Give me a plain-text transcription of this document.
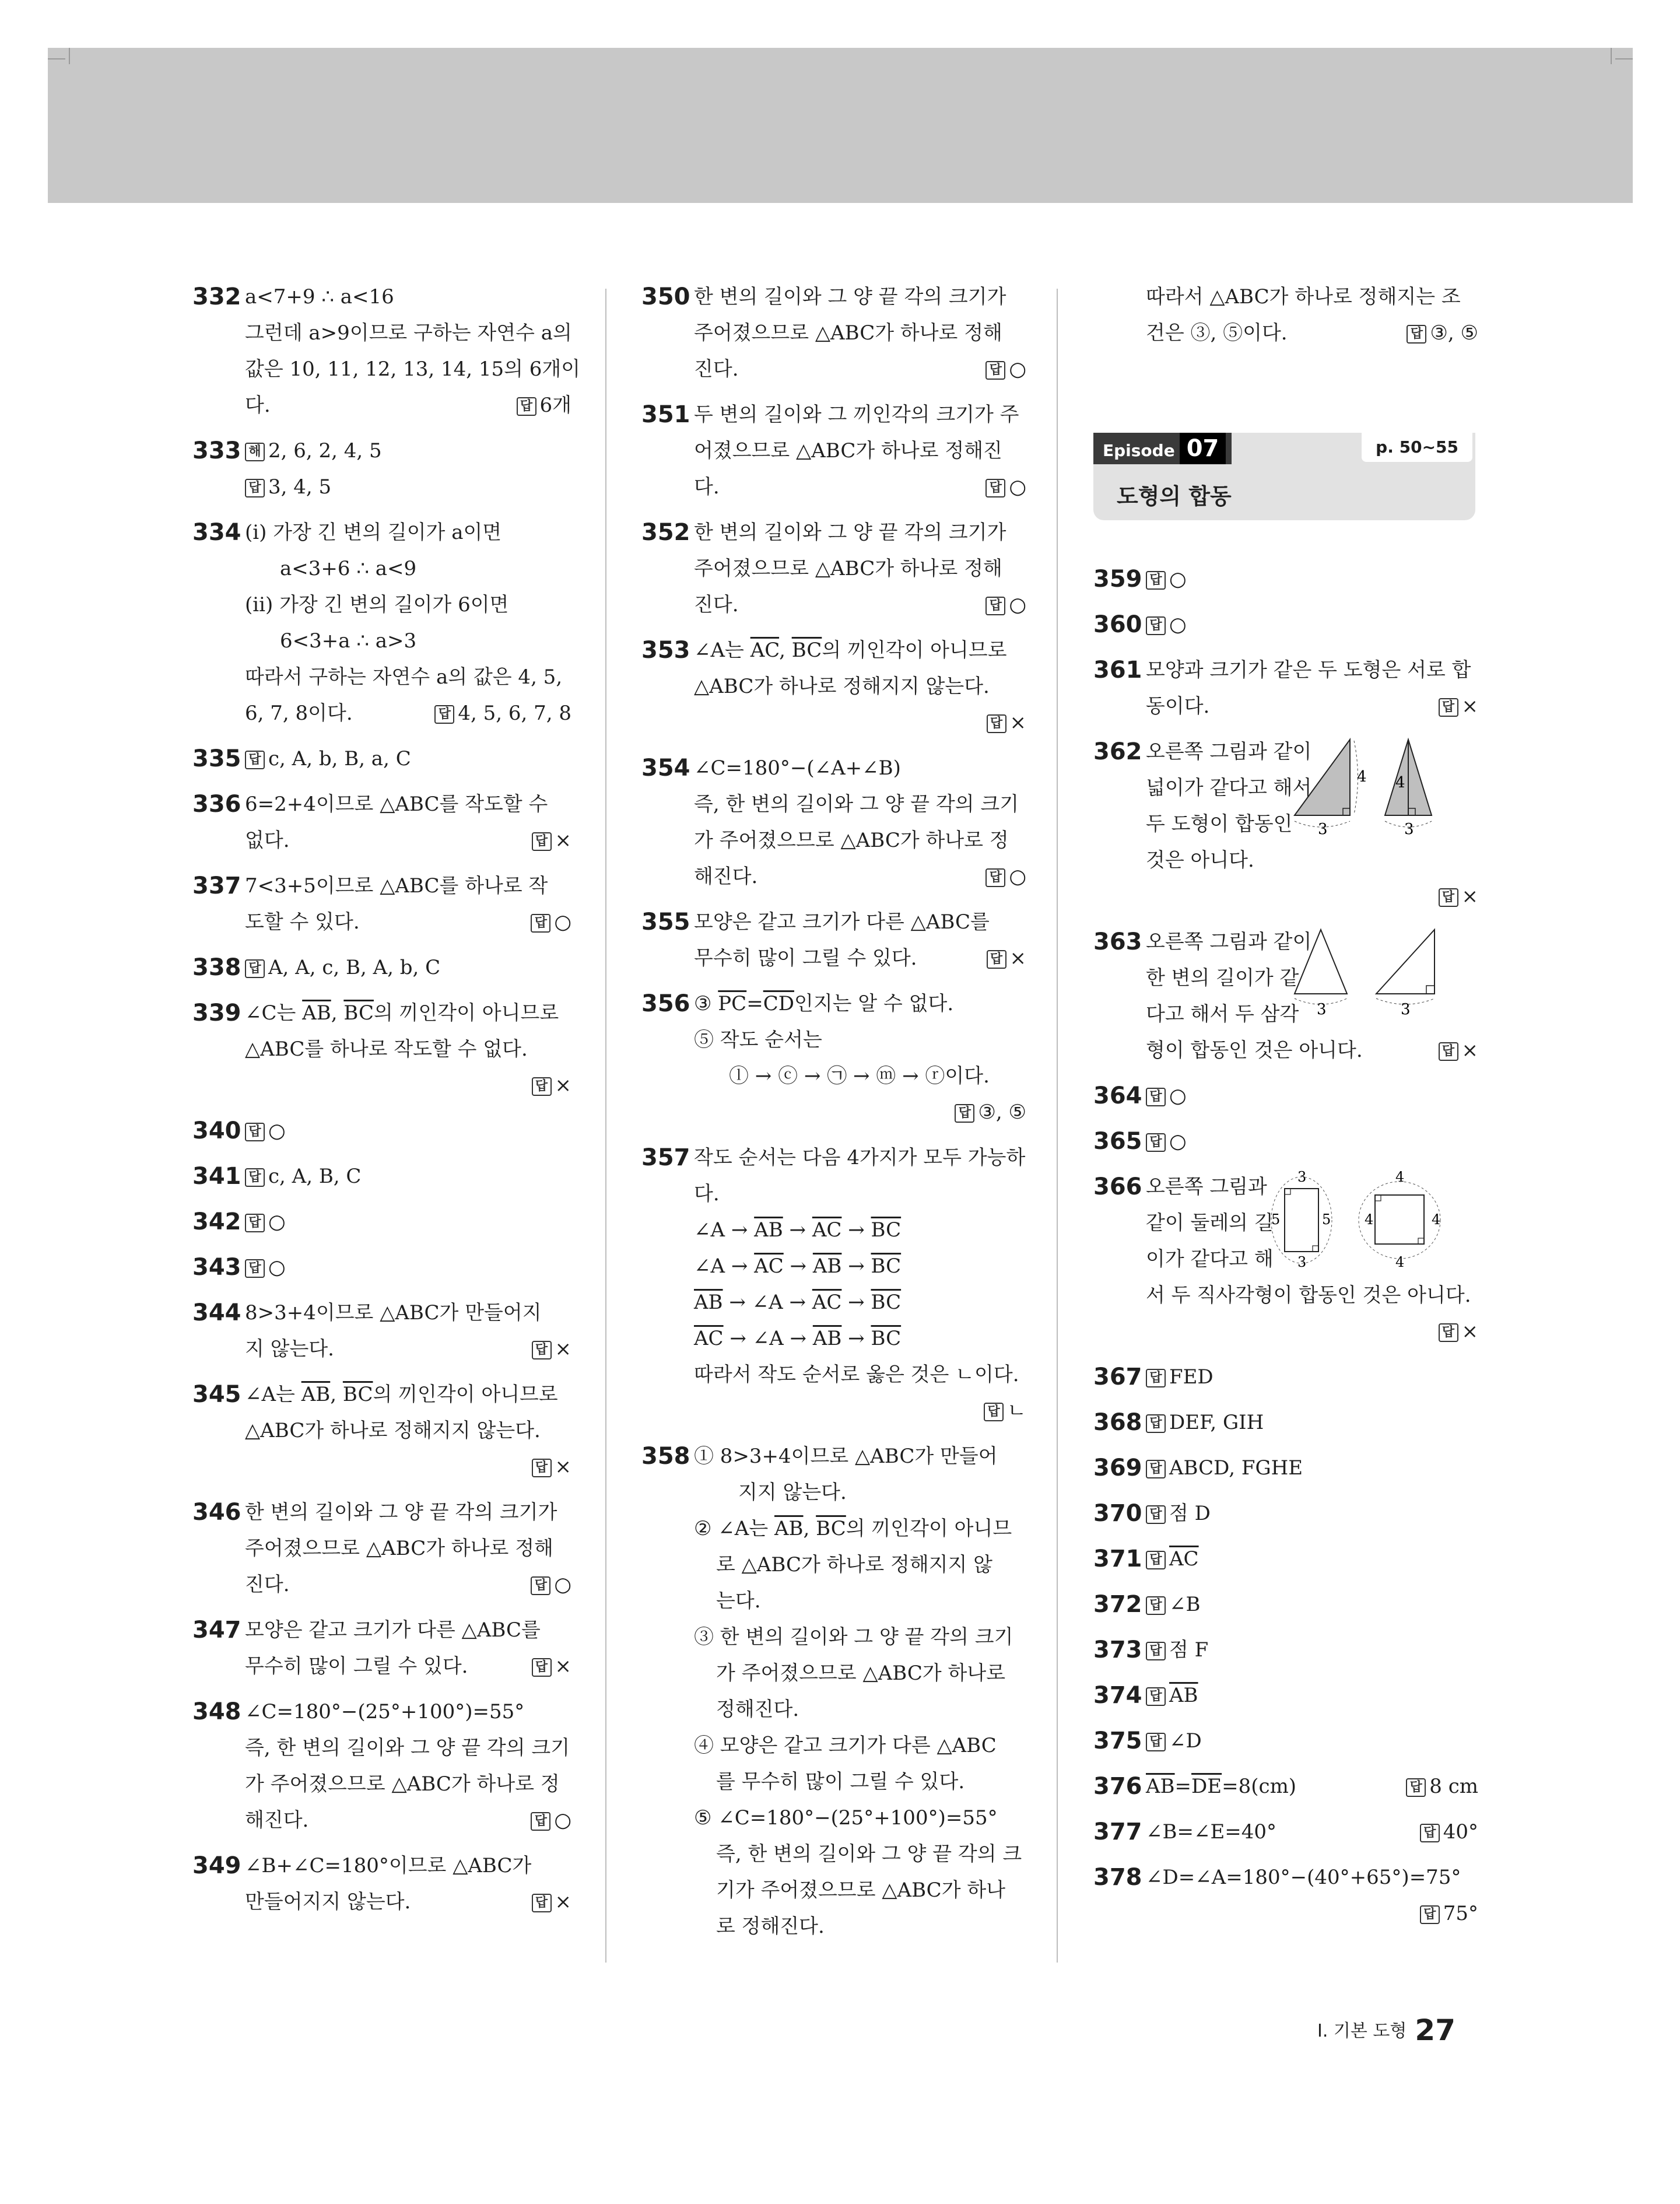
332 a<7+9 ∴ a<16
그런데 a>9이므로 구하는 자연수 a의
값은 10, 11, 12, 13, 14, 15의 6개이
다.	답 6개
333 해 2, 6, 2, 4, 5
답 3, 4, 5
334 (ⅰ) 가장 긴 변의 길이가 a이면
a<3+6 ∴ a<9
(ⅱ) 가장 긴 변의 길이가 6이면
6<3+a ∴ a>3
따라서 구하는 자연수 a의 값은 4, 5,
6, 7, 8이다.	답 4, 5, 6, 7, 8
335 답 c, A, b, B, a, C
336 6=2+4이므로 △ABC를 작도할 수
없다.	답 ×
337 7<3+5이므로 △ABC를 하나로 작
도할 수 있다.	답 ○
338 답 A, A, c, B, A, b, C
339 ∠C는 $\overline{AB}$, $\overline{BC}$의 끼인각이 아니므로
△ABC를 하나로 작도할 수 없다.
답 ×
340 답 ○
341 답 c, A, B, C
342 답 ○
343 답 ○
344 8>3+4이므로 △ABC가 만들어지
지 않는다.	답 ×
345 ∠A는 $\overline{AB}$, $\overline{BC}$의 끼인각이 아니므로
△ABC가 하나로 정해지지 않는다.
답 ×
346 한 변의 길이와 그 양 끝 각의 크기가
주어졌으므로 △ABC가 하나로 정해
진다.	답 ○
347 모양은 같고 크기가 다른 △ABC를
무수히 많이 그릴 수 있다.	답 ×
348 ∠C=180°−(25°+100°)=55°
즉, 한 변의 길이와 그 양 끝 각의 크기
가 주어졌으므로 △ABC가 하나로 정
해진다.	답 ○
349 ∠B+∠C=180°이므로 △ABC가
만들어지지 않는다.	답 ×
350 한 변의 길이와 그 양 끝 각의 크기가
주어졌으므로 △ABC가 하나로 정해
진다.	답 ○
351 두 변의 길이와 그 끼인각의 크기가 주
어졌으므로 △ABC가 하나로 정해진
다.	답 ○
352 한 변의 길이와 그 양 끝 각의 크기가
주어졌으므로 △ABC가 하나로 정해
진다.	답 ○
353 ∠A는 $\overline{AC}$, $\overline{BC}$의 끼인각이 아니므로
△ABC가 하나로 정해지지 않는다.
답 ×
354 ∠C=180°−(∠A+∠B)
즉, 한 변의 길이와 그 양 끝 각의 크기
가 주어졌으므로 △ABC가 하나로 정
해진다.	답 ○
355 모양은 같고 크기가 다른 △ABC를
무수히 많이 그릴 수 있다.	답 ×
356 ③ $\overline{PC}=\overline{CD}$인지는 알 수 없다.
⑤ 작도 순서는
ⓛ → ⓒ → ㉠ → ⓜ → ⓡ이다.
답 ③, ⑤
357 작도 순서는 다음 4가지가 모두 가능하
다.
∠A → $\overline{AB} \to \overline{AC} \to \overline{BC}$
∠A → $\overline{AC} \to \overline{AB} \to \overline{BC}$
$\overline{AB}$ → ∠A → $\overline{AC} \to \overline{BC}$
$\overline{AC}$ → ∠A → $\overline{AB} \to \overline{BC}$
따라서 작도 순서로 옳은 것은 ㄴ이다.
답 ㄴ
358 ① 8>3+4이므로 △ABC가 만들어
지지 않는다.
② ∠A는 $\overline{AB}$, $\overline{BC}$의 끼인각이 아니므
로 △ABC가 하나로 정해지지 않
는다.
③ 한 변의 길이와 그 양 끝 각의 크기
가 주어졌으므로 △ABC가 하나로
정해진다.
④ 모양은 같고 크기가 다른 △ABC
를 무수히 많이 그릴 수 있다.
⑤ ∠C=180°−(25°+100°)=55°
즉, 한 변의 길이와 그 양 끝 각의 크
기가 주어졌으므로 △ABC가 하나
로 정해진다.
따라서 △ABC가 하나로 정해지는 조
건은 ③, ⑤이다.	답 ③, ⑤
Episode 07	p. 50~55
도형의 합동
359 답 ○
360 답 ○
361 모양과 크기가 같은 두 도형은 서로 합
동이다.	답 ×
362 오른쪽 그림과 같이
넓이가 같다고 해서
두 도형이 합동인
것은 아니다.
4
3
4
3
답 ×
363 오른쪽 그림과 같이
한 변의 길이가 같
다고 해서 두 삼각
형이 합동인 것은 아니다.	답 ×
3	3
364 답 ○
365 답 ○
366 오른쪽 그림과
같이 둘레의 길
이가 같다고 해
서 두 직사각형이 합동인 것은 아니다.
답 ×
3
5	5
3
4
4	4
4
367 답 FED
368 답 DEF, GIH
369 답 ABCD, FGHE
370 답 점 D
371 답 $\overline{AC}$
372 답 ∠B
373 답 점 F
374 답 $\overline{AB}$
375 답 ∠D
376 $\overline{AB}=\overline{DE}=8(cm)$	답 8 cm
377 ∠B=∠E=40°	답 40°
378 ∠D=∠A=180°−(40°+65°)=75°
답 75°
I. 기본 도형 27
